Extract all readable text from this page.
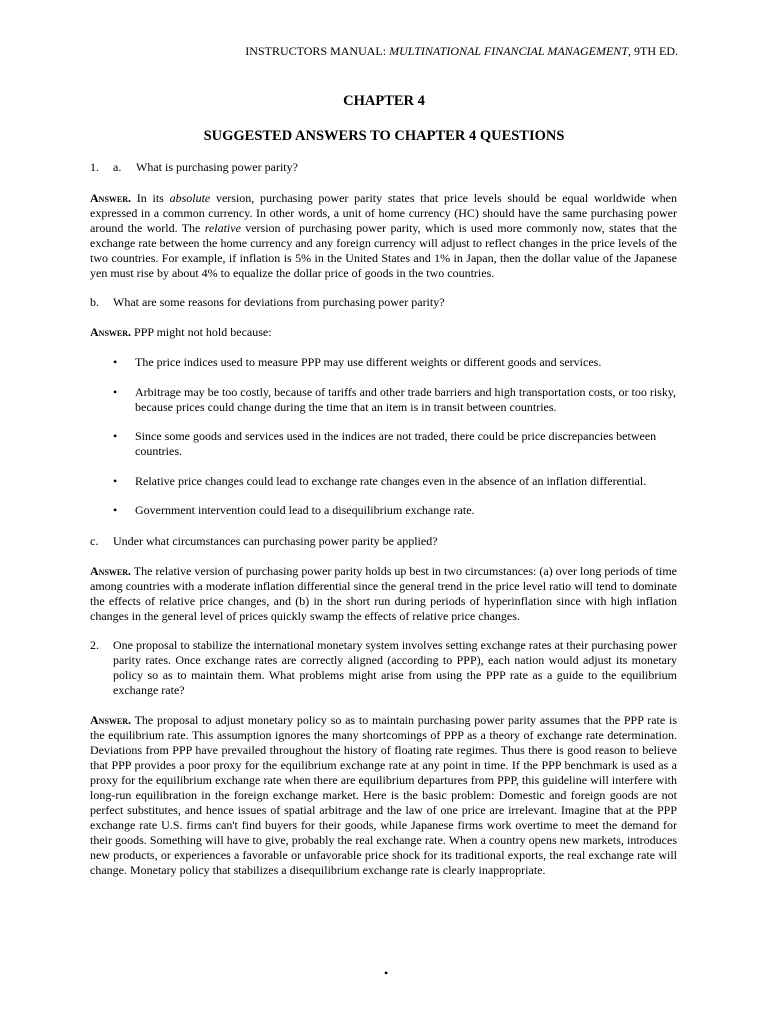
INSTRUCTORS MANUAL: MULTINATIONAL FINANCIAL MANAGEMENT, 9TH ED.
CHAPTER 4
SUGGESTED ANSWERS TO CHAPTER 4 QUESTIONS
1. a. What is purchasing power parity?
Answer. In its absolute version, purchasing power parity states that price levels should be equal worldwide when expressed in a common currency. In other words, a unit of home currency (HC) should have the same purchasing power around the world. The relative version of purchasing power parity, which is used more commonly now, states that the exchange rate between the home currency and any foreign currency will adjust to reflect changes in the price levels of the two countries. For example, if inflation is 5% in the United States and 1% in Japan, then the dollar value of the Japanese yen must rise by about 4% to equalize the dollar price of goods in the two countries.
b. What are some reasons for deviations from purchasing power parity?
Answer. PPP might not hold because:
• The price indices used to measure PPP may use different weights or different goods and services.
• Arbitrage may be too costly, because of tariffs and other trade barriers and high transportation costs, or too risky, because prices could change during the time that an item is in transit between countries.
• Since some goods and services used in the indices are not traded, there could be price discrepancies between countries.
• Relative price changes could lead to exchange rate changes even in the absence of an inflation differential.
• Government intervention could lead to a disequilibrium exchange rate.
c. Under what circumstances can purchasing power parity be applied?
Answer. The relative version of purchasing power parity holds up best in two circumstances: (a) over long periods of time among countries with a moderate inflation differential since the general trend in the price level ratio will tend to dominate the effects of relative price changes, and (b) in the short run during periods of hyperinflation since with high inflation changes in the general level of prices quickly swamp the effects of relative price changes.
2. One proposal to stabilize the international monetary system involves setting exchange rates at their purchasing power parity rates. Once exchange rates are correctly aligned (according to PPP), each nation would adjust its monetary policy so as to maintain them. What problems might arise from using the PPP rate as a guide to the equilibrium exchange rate?
Answer. The proposal to adjust monetary policy so as to maintain purchasing power parity assumes that the PPP rate is the equilibrium rate. This assumption ignores the many shortcomings of PPP as a theory of exchange rate determination. Deviations from PPP have prevailed throughout the history of floating rate regimes. Thus there is good reason to believe that PPP provides a poor proxy for the equilibrium exchange rate at any point in time. If the PPP benchmark is used as a proxy for the equilibrium exchange rate when there are equilibrium departures from PPP, this guideline will interfere with long-run equilibration in the foreign exchange market. Here is the basic problem: Domestic and foreign goods are not perfect substitutes, and hence issues of spatial arbitrage and the law of one price are irrelevant. Imagine that at the PPP exchange rate U.S. firms can't find buyers for their goods, while Japanese firms work overtime to meet the demand for their goods. Something will have to give, probably the real exchange rate. When a country opens new markets, introduces new products, or experiences a favorable or unfavorable price shock for its traditional exports, the real exchange rate will change. Monetary policy that stabilizes a disequilibrium exchange rate is clearly inappropriate.
•
